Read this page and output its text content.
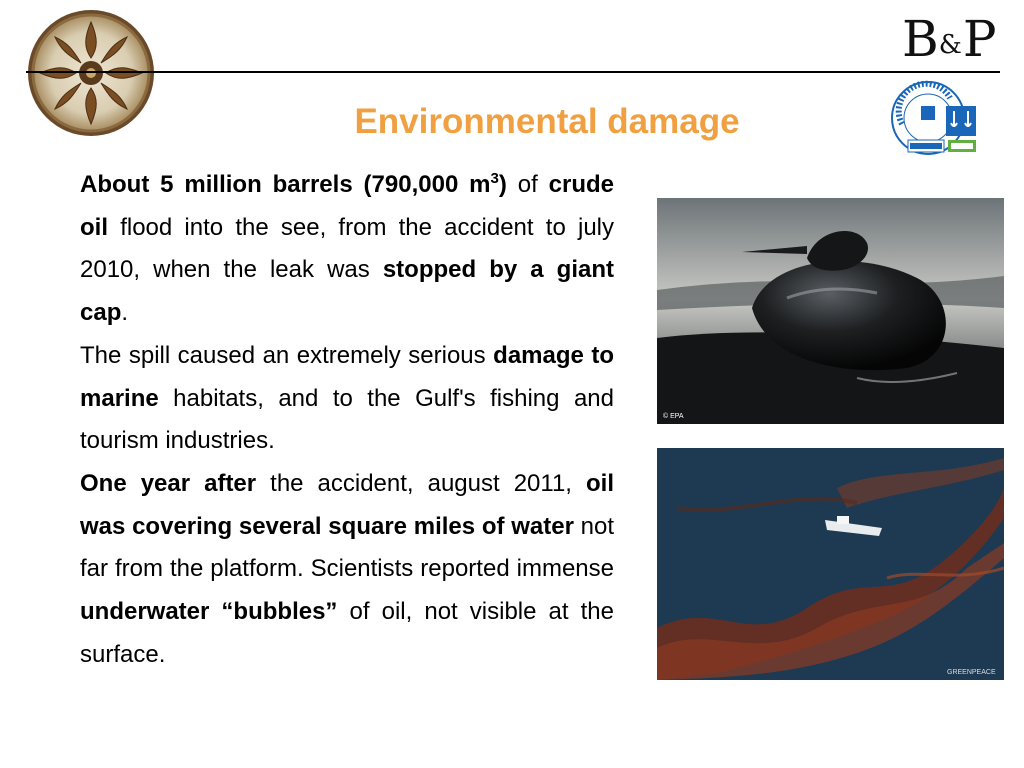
B & P
Environmental damage

About 5 million barrels (790,000 $m^3$) of crude oil flood into the see, from the accident to july 2010, when the leak was stopped by a giant cap.

The spill caused an extremely serious damage to marine habitats, and to the Gulf's fishing and tourism industries.

One year after the accident, august 2011, oil was covering several square miles of water not far from the platform. Scientists reported immense underwater “bubbles” of oil, not visible at the surface.

© EPA
GREENPEACE
